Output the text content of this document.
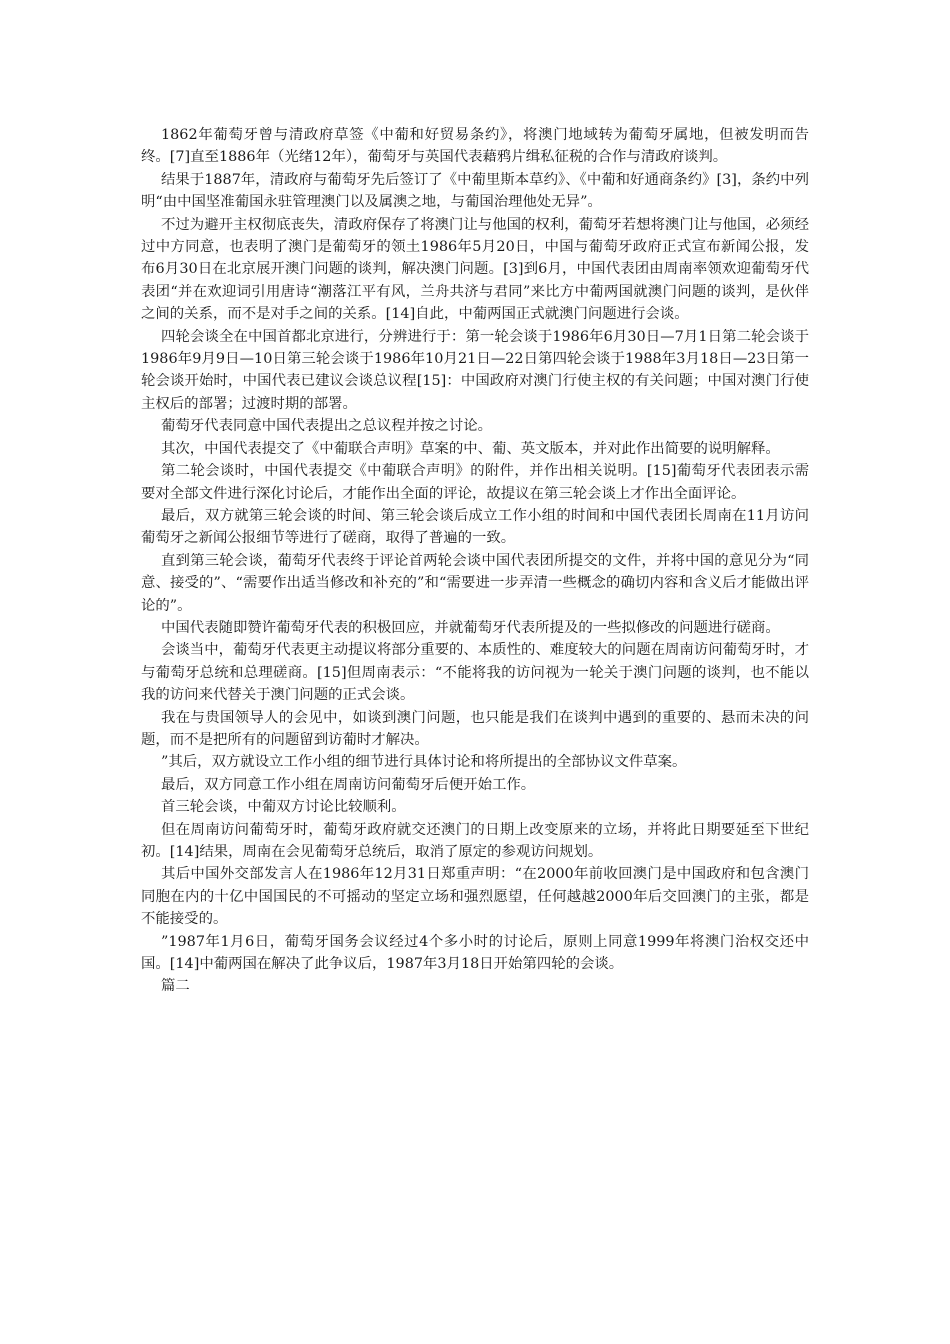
1862年葡萄牙曾与清政府草签《中葡和好贸易条约》，将澳门地域转为葡萄牙属地，但被发明而告终。[7]直至1886年（光绪12年），葡萄牙与英国代表藉鸦片缉私征税的合作与清政府谈判。

结果于1887年，清政府与葡萄牙先后签订了《中葡里斯本草约》、《中葡和好通商条约》[3]，条约中列明“由中国坚准葡国永驻管理澳门以及属澳之地，与葡国治理他处无异”。

不过为避开主权彻底丧失，清政府保存了将澳门让与他国的权利，葡萄牙若想将澳门让与他国，必须经过中方同意，也表明了澳门是葡萄牙的领土1986年5月20日，中国与葡萄牙政府正式宣布新闻公报，发布6月30日在北京展开澳门问题的谈判，解决澳门问题。[3]到6月，中国代表团由周南率领欢迎葡萄牙代表团“并在欢迎词引用唐诗“潮落江平有风，兰舟共济与君同”来比方中葡两国就澳门问题的谈判，是伙伴之间的关系，而不是对手之间的关系。[14]自此，中葡两国正式就澳门问题进行会谈。

四轮会谈全在中国首都北京进行，分辨进行于：第一轮会谈于1986年6月30日—7月1日第二轮会谈于1986年9月9日—10日第三轮会谈于1986年10月21日—22日第四轮会谈于1988年3月18日—23日第一轮会谈开始时，中国代表已建议会谈总议程[15]：中国政府对澳门行使主权的有关问题；中国对澳门行使主权后的部署；过渡时期的部署。

葡萄牙代表同意中国代表提出之总议程并按之讨论。

其次，中国代表提交了《中葡联合声明》草案的中、葡、英文版本，并对此作出简要的说明解释。

第二轮会谈时，中国代表提交《中葡联合声明》的附件，并作出相关说明。[15]葡萄牙代表团表示需要对全部文件进行深化讨论后，才能作出全面的评论，故提议在第三轮会谈上才作出全面评论。

最后，双方就第三轮会谈的时间、第三轮会谈后成立工作小组的时间和中国代表团长周南在11月访问葡萄牙之新闻公报细节等进行了磋商，取得了普遍的一致。

直到第三轮会谈，葡萄牙代表终于评论首两轮会谈中国代表团所提交的文件，并将中国的意见分为“同意、接受的”、“需要作出适当修改和补充的”和“需要进一步弄清一些概念的确切内容和含义后才能做出评论的”。

中国代表随即赞许葡萄牙代表的积极回应，并就葡萄牙代表所提及的一些拟修改的问题进行磋商。

会谈当中，葡萄牙代表更主动提议将部分重要的、本质性的、难度较大的问题在周南访问葡萄牙时，才与葡萄牙总统和总理磋商。[15]但周南表示：“不能将我的访问视为一轮关于澳门问题的谈判，也不能以我的访问来代替关于澳门问题的正式会谈。

我在与贵国领导人的会见中，如谈到澳门问题，也只能是我们在谈判中遇到的重要的、悬而未决的问题，而不是把所有的问题留到访葡时才解决。

”其后，双方就设立工作小组的细节进行具体讨论和将所提出的全部协议文件草案。

最后，双方同意工作小组在周南访问葡萄牙后便开始工作。

首三轮会谈，中葡双方讨论比较顺利。

但在周南访问葡萄牙时，葡萄牙政府就交还澳门的日期上改变原来的立场，并将此日期要延至下世纪初。[14]结果，周南在会见葡萄牙总统后，取消了原定的参观访问规划。

其后中国外交部发言人在1986年12月31日郑重声明：“在2000年前收回澳门是中国政府和包含澳门同胞在内的十亿中国国民的不可摇动的坚定立场和强烈愿望，任何越越2000年后交回澳门的主张，都是不能接受的。

”1987年1月6日，葡萄牙国务会议经过4个多小时的讨论后，原则上同意1999年将澳门治权交还中国。[14]中葡两国在解决了此争议后，1987年3月18日开始第四轮的会谈。

篇二
